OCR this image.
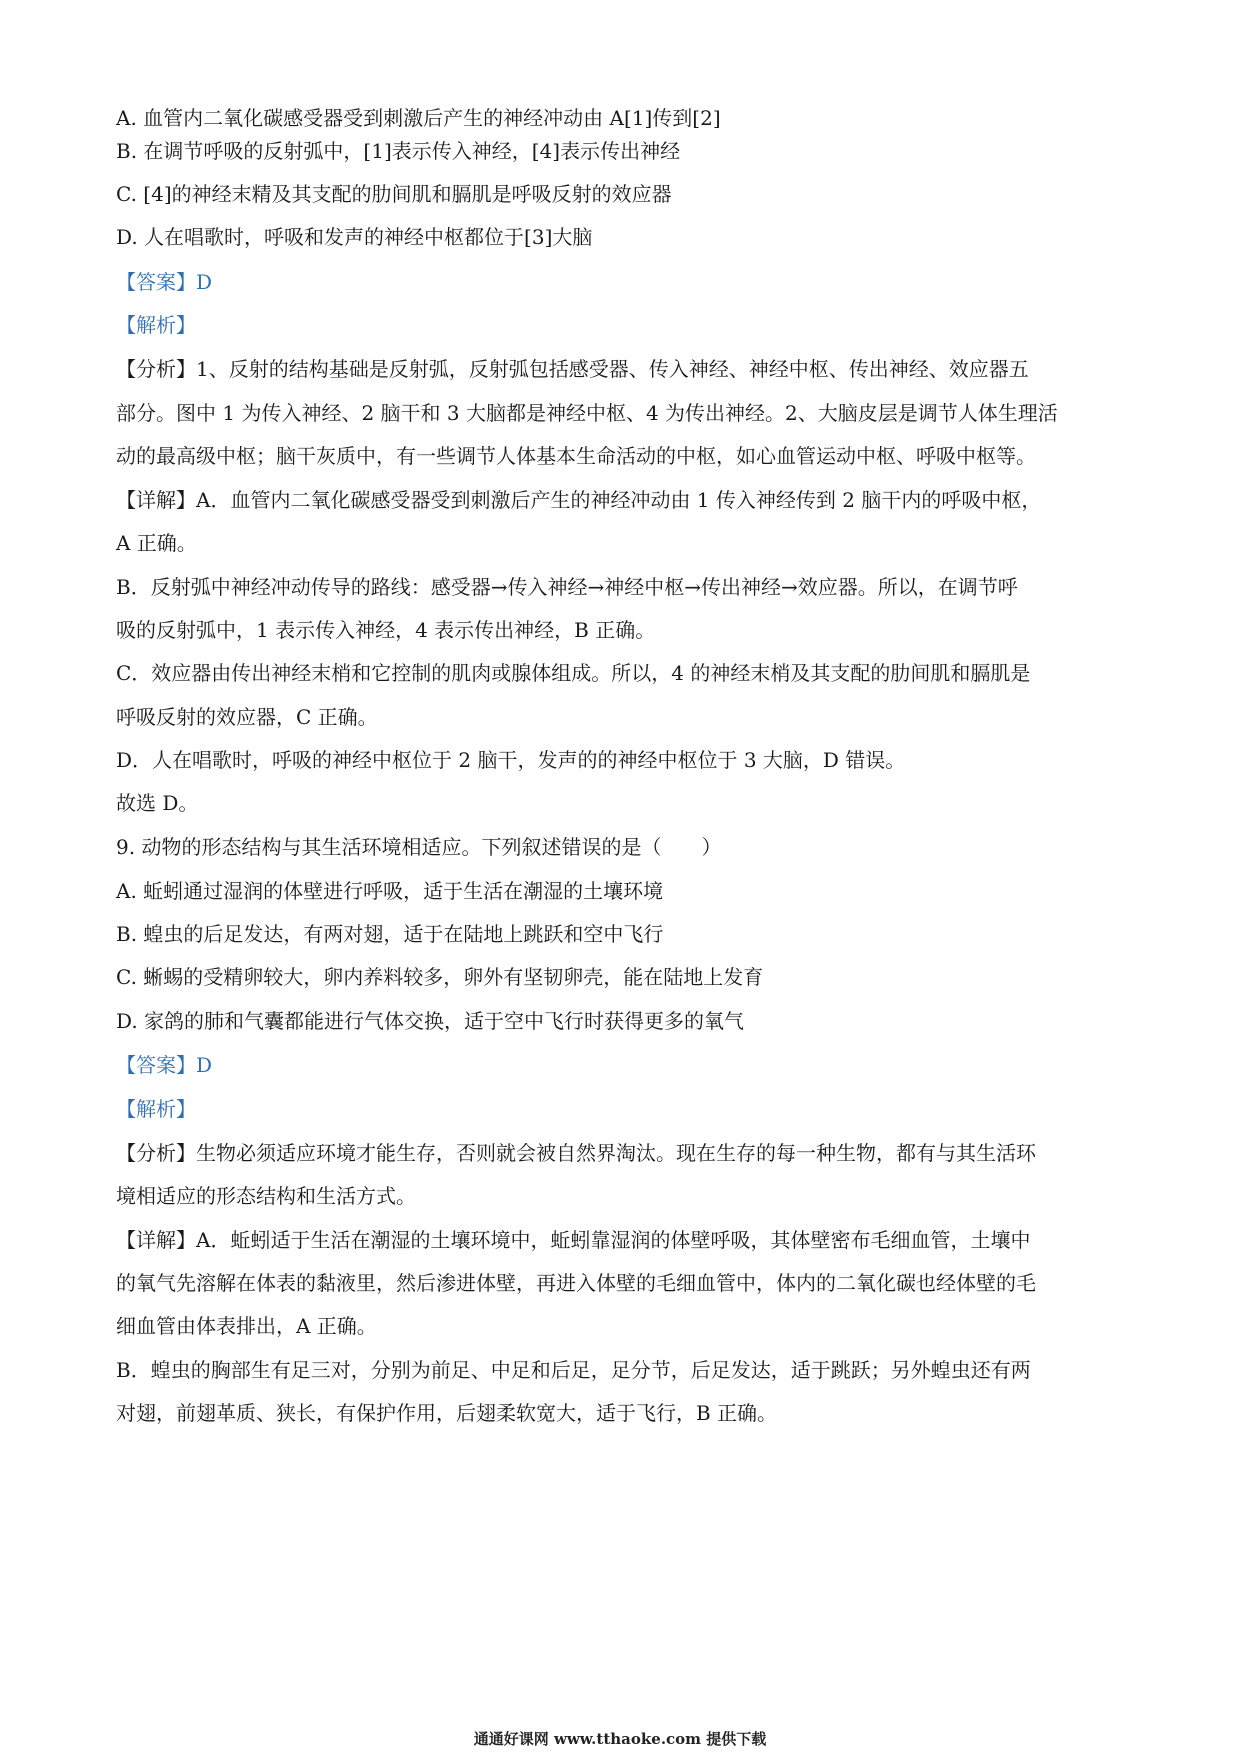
A. 血管内二氧化碳感受器受到刺激后产生的神经冲动由 A[1]传到[2]
B. 在调节呼吸的反射弧中，[1]表示传入神经，[4]表示传出神经
C. [4]的神经末精及其支配的肋间肌和膈肌是呼吸反射的效应器
D. 人在唱歌时，呼吸和发声的神经中枢都位于[3]大脑
【答案】D
【解析】
【分析】1、反射的结构基础是反射弧，反射弧包括感受器、传入神经、神经中枢、传出神经、效应器五
部分。图中 1 为传入神经、2 脑干和 3 大脑都是神经中枢、4 为传出神经。2、大脑皮层是调节人体生理活
动的最高级中枢；脑干灰质中，有一些调节人体基本生命活动的中枢，如心血管运动中枢、呼吸中枢等。
【详解】A．血管内二氧化碳感受器受到刺激后产生的神经冲动由 1 传入神经传到 2 脑干内的呼吸中枢，
A 正确。
B．反射弧中神经冲动传导的路线：感受器→传入神经→神经中枢→传出神经→效应器。所以，在调节呼
吸的反射弧中，1 表示传入神经，4 表示传出神经，B 正确。
C．效应器由传出神经末梢和它控制的肌肉或腺体组成。所以，4 的神经末梢及其支配的肋间肌和膈肌是
呼吸反射的效应器，C 正确。
D．人在唱歌时，呼吸的神经中枢位于 2 脑干，发声的的神经中枢位于 3 大脑，D 错误。
故选 D。
9. 动物的形态结构与其生活环境相适应。下列叙述错误的是（　　）
A. 蚯蚓通过湿润的体壁进行呼吸，适于生活在潮湿的土壤环境
B. 蝗虫的后足发达，有两对翅，适于在陆地上跳跃和空中飞行
C. 蜥蜴的受精卵较大，卵内养料较多，卵外有坚韧卵壳，能在陆地上发育
D. 家鸽的肺和气囊都能进行气体交换，适于空中飞行时获得更多的氧气
【答案】D
【解析】
【分析】生物必须适应环境才能生存，否则就会被自然界淘汰。现在生存的每一种生物，都有与其生活环
境相适应的形态结构和生活方式。
【详解】A．蚯蚓适于生活在潮湿的土壤环境中，蚯蚓靠湿润的体壁呼吸，其体壁密布毛细血管，土壤中
的氧气先溶解在体表的黏液里，然后渗进体壁，再进入体壁的毛细血管中，体内的二氧化碳也经体壁的毛
细血管由体表排出，A 正确。
B．蝗虫的胸部生有足三对，分别为前足、中足和后足，足分节，后足发达，适于跳跃；另外蝗虫还有两
对翅，前翅革质、狭长，有保护作用，后翅柔软宽大，适于飞行，B 正确。
通通好课网 www.tthaoke.com 提供下载
